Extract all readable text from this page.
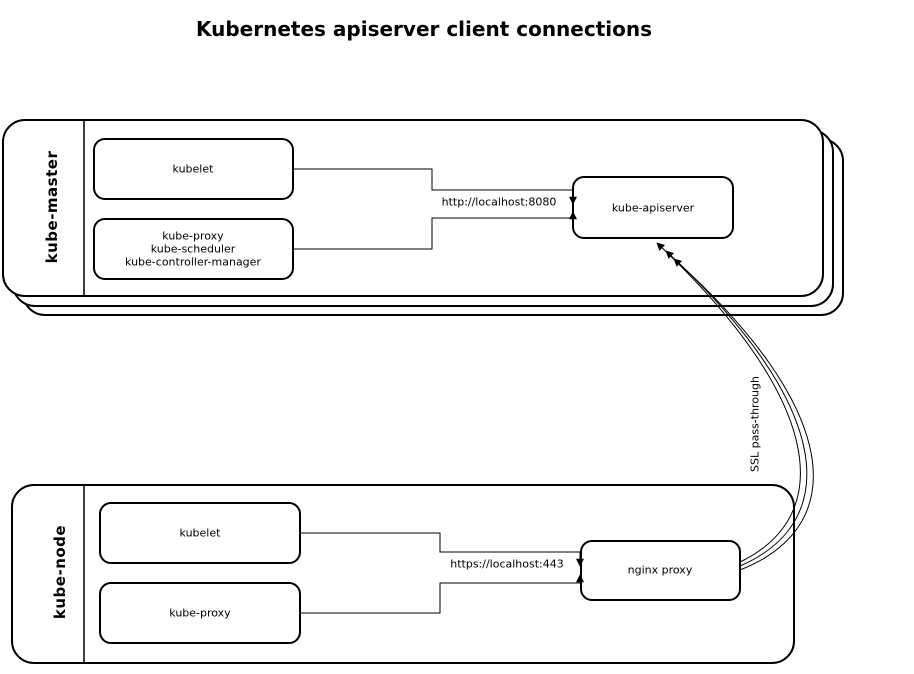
Kubernetes apiserver client connections
kube-master	kubelet
kube-proxy
kube-scheduler
kube-controller-manager
kube-apiserver
http://localhost:8080
kube-node	kubelet
kube-proxy
nginx proxy
https://localhost:443
SSL pass-through
